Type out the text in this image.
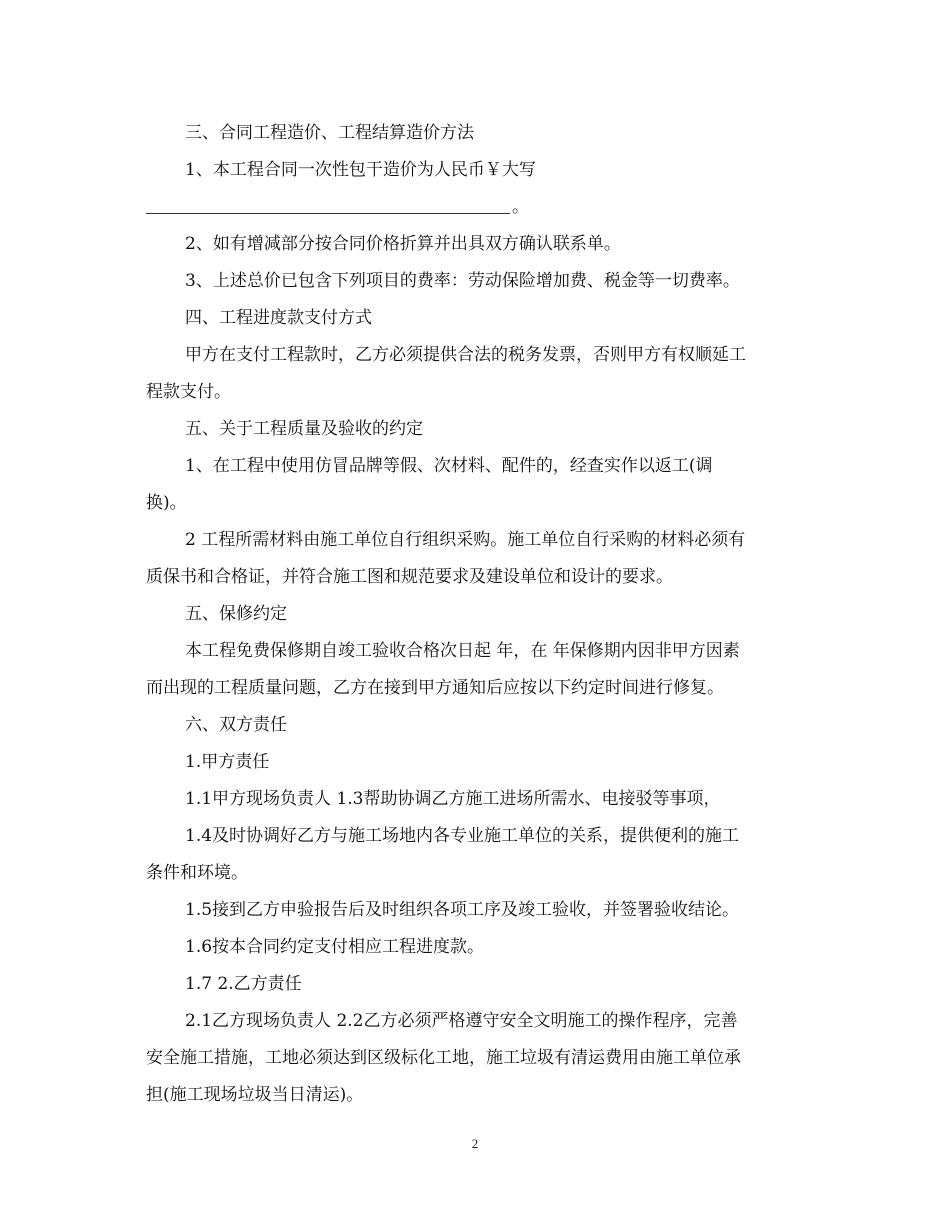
三、合同工程造价、工程结算造价方法

1、本工程合同一次性包干造价为人民币￥大写

。

2、如有增减部分按合同价格折算并出具双方确认联系单。

3、上述总价已包含下列项目的费率：劳动保险增加费、税金等一切费率。

四、工程进度款支付方式

甲方在支付工程款时，乙方必须提供合法的税务发票，否则甲方有权顺延工

程款支付。

五、关于工程质量及验收的约定

1、在工程中使用仿冒品牌等假、次材料、配件的，经查实作以返工(调

换)。

2 工程所需材料由施工单位自行组织采购。施工单位自行采购的材料必须有

质保书和合格证，并符合施工图和规范要求及建设单位和设计的要求。

五、保修约定

本工程免费保修期自竣工验收合格次日起 年，在 年保修期内因非甲方因素

而出现的工程质量问题，乙方在接到甲方通知后应按以下约定时间进行修复。

六、双方责任

1.甲方责任

1.1甲方现场负责人 1.3帮助协调乙方施工进场所需水、电接驳等事项，

1.4及时协调好乙方与施工场地内各专业施工单位的关系，提供便利的施工

条件和环境。

1.5接到乙方申验报告后及时组织各项工序及竣工验收，并签署验收结论。

1.6按本合同约定支付相应工程进度款。

1.7 2.乙方责任

2.1乙方现场负责人 2.2乙方必须严格遵守安全文明施工的操作程序，完善

安全施工措施，工地必须达到区级标化工地，施工垃圾有清运费用由施工单位承

担(施工现场垃圾当日清运)。

2
